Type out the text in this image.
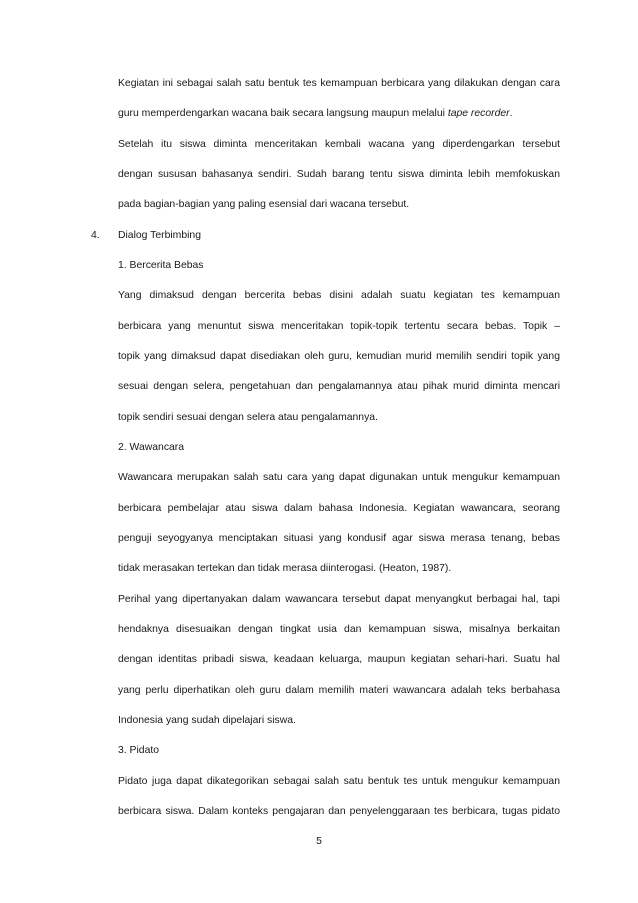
Kegiatan ini sebagai salah satu bentuk tes kemampuan berbicara yang dilakukan dengan cara
guru memperdengarkan wacana baik secara langsung maupun melalui tape recorder.
Setelah itu siswa diminta menceritakan kembali wacana yang diperdengarkan tersebut
dengan sususan bahasanya sendiri. Sudah barang tentu siswa diminta lebih memfokuskan
pada bagian-bagian yang paling esensial dari wacana tersebut.
4. Dialog Terbimbing
1. Bercerita Bebas
Yang dimaksud dengan bercerita bebas disini adalah suatu kegiatan tes kemampuan
berbicara yang menuntut siswa menceritakan topik-topik tertentu secara bebas. Topik –
topik yang dimaksud dapat disediakan oleh guru, kemudian murid memilih sendiri topik yang
sesuai dengan selera, pengetahuan dan pengalamannya atau pihak murid diminta mencari
topik sendiri sesuai dengan selera atau pengalamannya.
2. Wawancara
Wawancara merupakan salah satu cara yang dapat digunakan untuk mengukur kemampuan
berbicara pembelajar atau siswa dalam bahasa Indonesia. Kegiatan wawancara, seorang
penguji seyogyanya menciptakan situasi yang kondusif agar siswa merasa tenang, bebas
tidak merasakan tertekan dan tidak merasa diinterogasi. (Heaton, 1987).
Perihal yang dipertanyakan dalam wawancara tersebut dapat menyangkut berbagai hal, tapi
hendaknya disesuaikan dengan tingkat usia dan kemampuan siswa, misalnya berkaitan
dengan identitas pribadi siswa, keadaan keluarga, maupun kegiatan sehari-hari. Suatu hal
yang perlu diperhatikan oleh guru dalam memilih materi wawancara adalah teks berbahasa
Indonesia yang sudah dipelajari siswa.
3. Pidato
Pidato juga dapat dikategorikan sebagai salah satu bentuk tes untuk mengukur kemampuan
berbicara siswa. Dalam konteks pengajaran dan penyelenggaraan tes berbicara, tugas pidato
5
